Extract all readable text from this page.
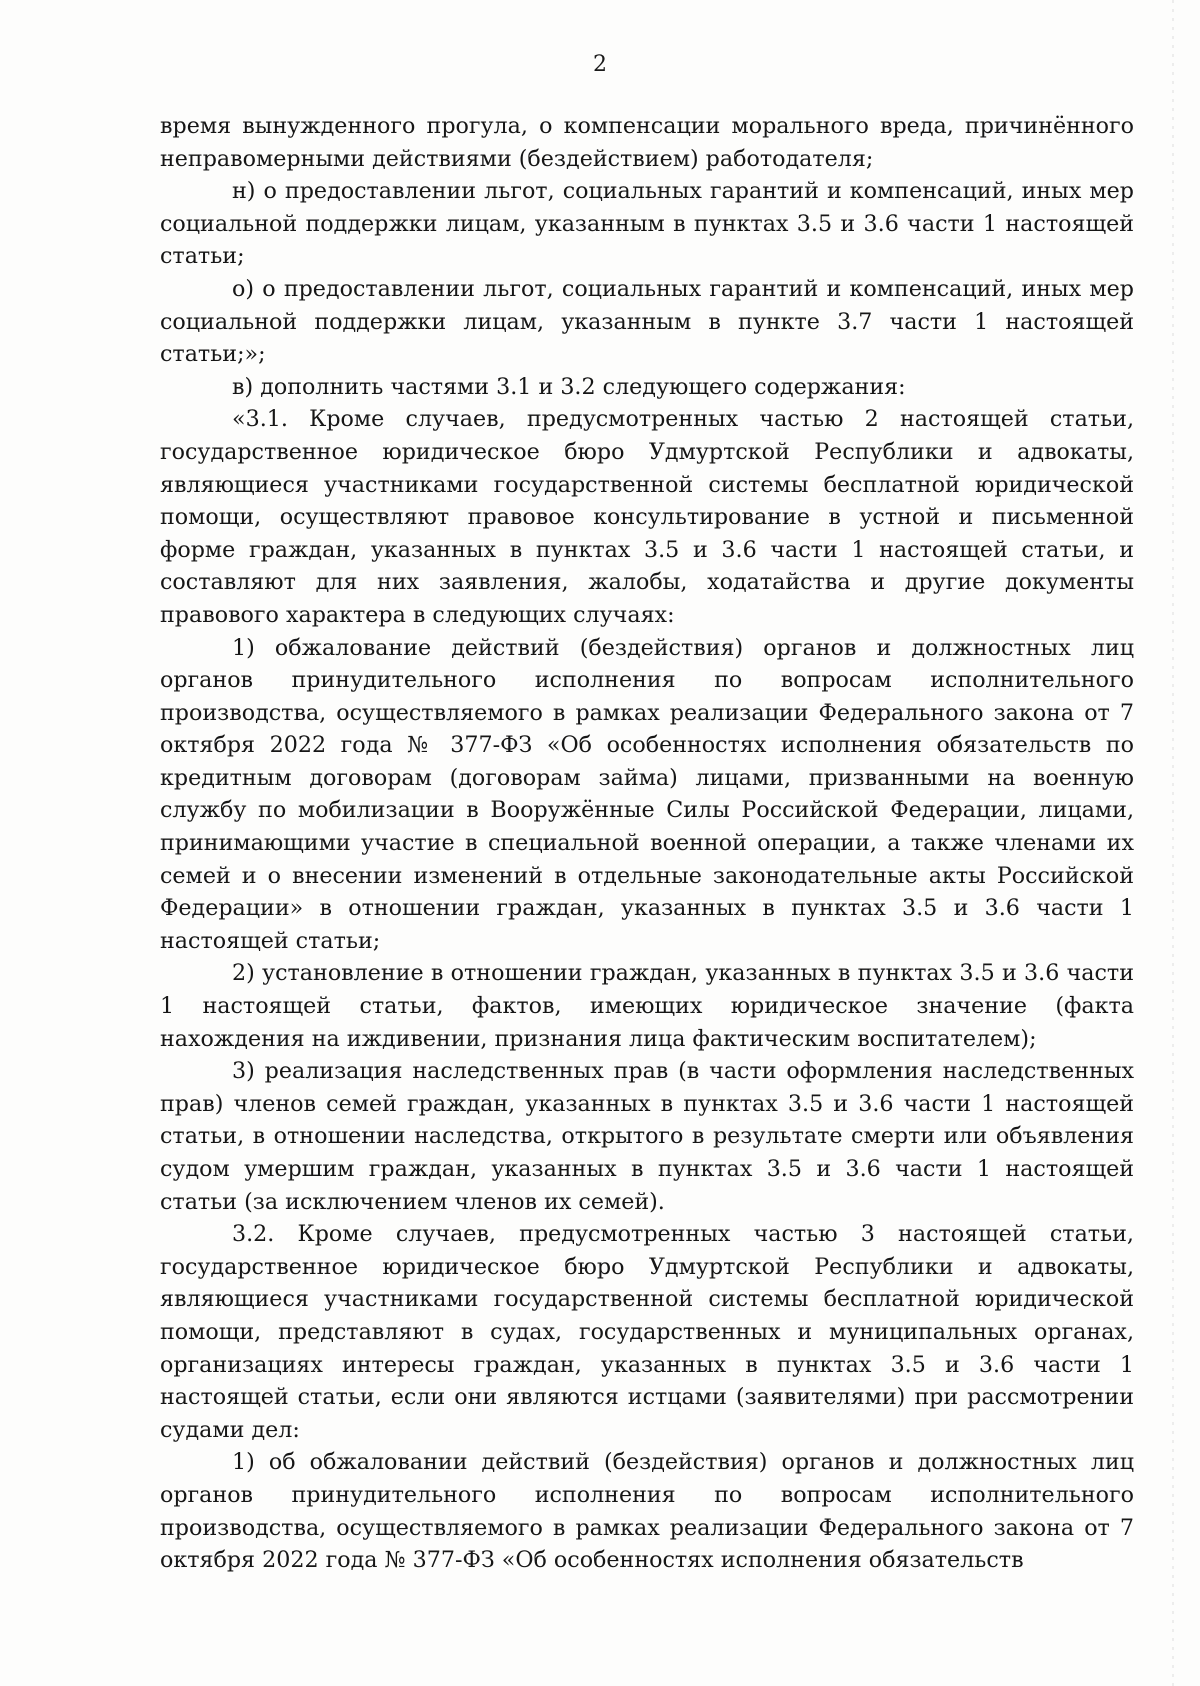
2

время вынужденного прогула, о компенсации морального вреда, причинённого неправомерными действиями (бездействием) работодателя;

н) о предоставлении льгот, социальных гарантий и компенсаций, иных мер социальной поддержки лицам, указанным в пунктах 3.5 и 3.6 части 1 настоящей статьи;

о) о предоставлении льгот, социальных гарантий и компенсаций, иных мер социальной поддержки лицам, указанным в пункте 3.7 части 1 настоящей статьи;»;

в) дополнить частями 3.1 и 3.2 следующего содержания:

«3.1. Кроме случаев, предусмотренных частью 2 настоящей статьи, государственное юридическое бюро Удмуртской Республики и адвокаты, являющиеся участниками государственной системы бесплатной юридической помощи, осуществляют правовое консультирование в устной и письменной форме граждан, указанных в пунктах 3.5 и 3.6 части 1 настоящей статьи, и составляют для них заявления, жалобы, ходатайства и другие документы правового характера в следующих случаях:

1) обжалование действий (бездействия) органов и должностных лиц органов принудительного исполнения по вопросам исполнительного производства, осуществляемого в рамках реализации Федерального закона от 7 октября 2022 года № 377-ФЗ «Об особенностях исполнения обязательств по кредитным договорам (договорам займа) лицами, призванными на военную службу по мобилизации в Вооружённые Силы Российской Федерации, лицами, принимающими участие в специальной военной операции, а также членами их семей и о внесении изменений в отдельные законодательные акты Российской Федерации» в отношении граждан, указанных в пунктах 3.5 и 3.6 части 1 настоящей статьи;

2) установление в отношении граждан, указанных в пунктах 3.5 и 3.6 части 1 настоящей статьи, фактов, имеющих юридическое значение (факта нахождения на иждивении, признания лица фактическим воспитателем);

3) реализация наследственных прав (в части оформления наследственных прав) членов семей граждан, указанных в пунктах 3.5 и 3.6 части 1 настоящей статьи, в отношении наследства, открытого в результате смерти или объявления судом умершим граждан, указанных в пунктах 3.5 и 3.6 части 1 настоящей статьи (за исключением членов их семей).

3.2. Кроме случаев, предусмотренных частью 3 настоящей статьи, государственное юридическое бюро Удмуртской Республики и адвокаты, являющиеся участниками государственной системы бесплатной юридической помощи, представляют в судах, государственных и муниципальных органах, организациях интересы граждан, указанных в пунктах 3.5 и 3.6 части 1 настоящей статьи, если они являются истцами (заявителями) при рассмотрении судами дел:

1) об обжаловании действий (бездействия) органов и должностных лиц органов принудительного исполнения по вопросам исполнительного производства, осуществляемого в рамках реализации Федерального закона от 7 октября 2022 года № 377-ФЗ «Об особенностях исполнения обязательств
